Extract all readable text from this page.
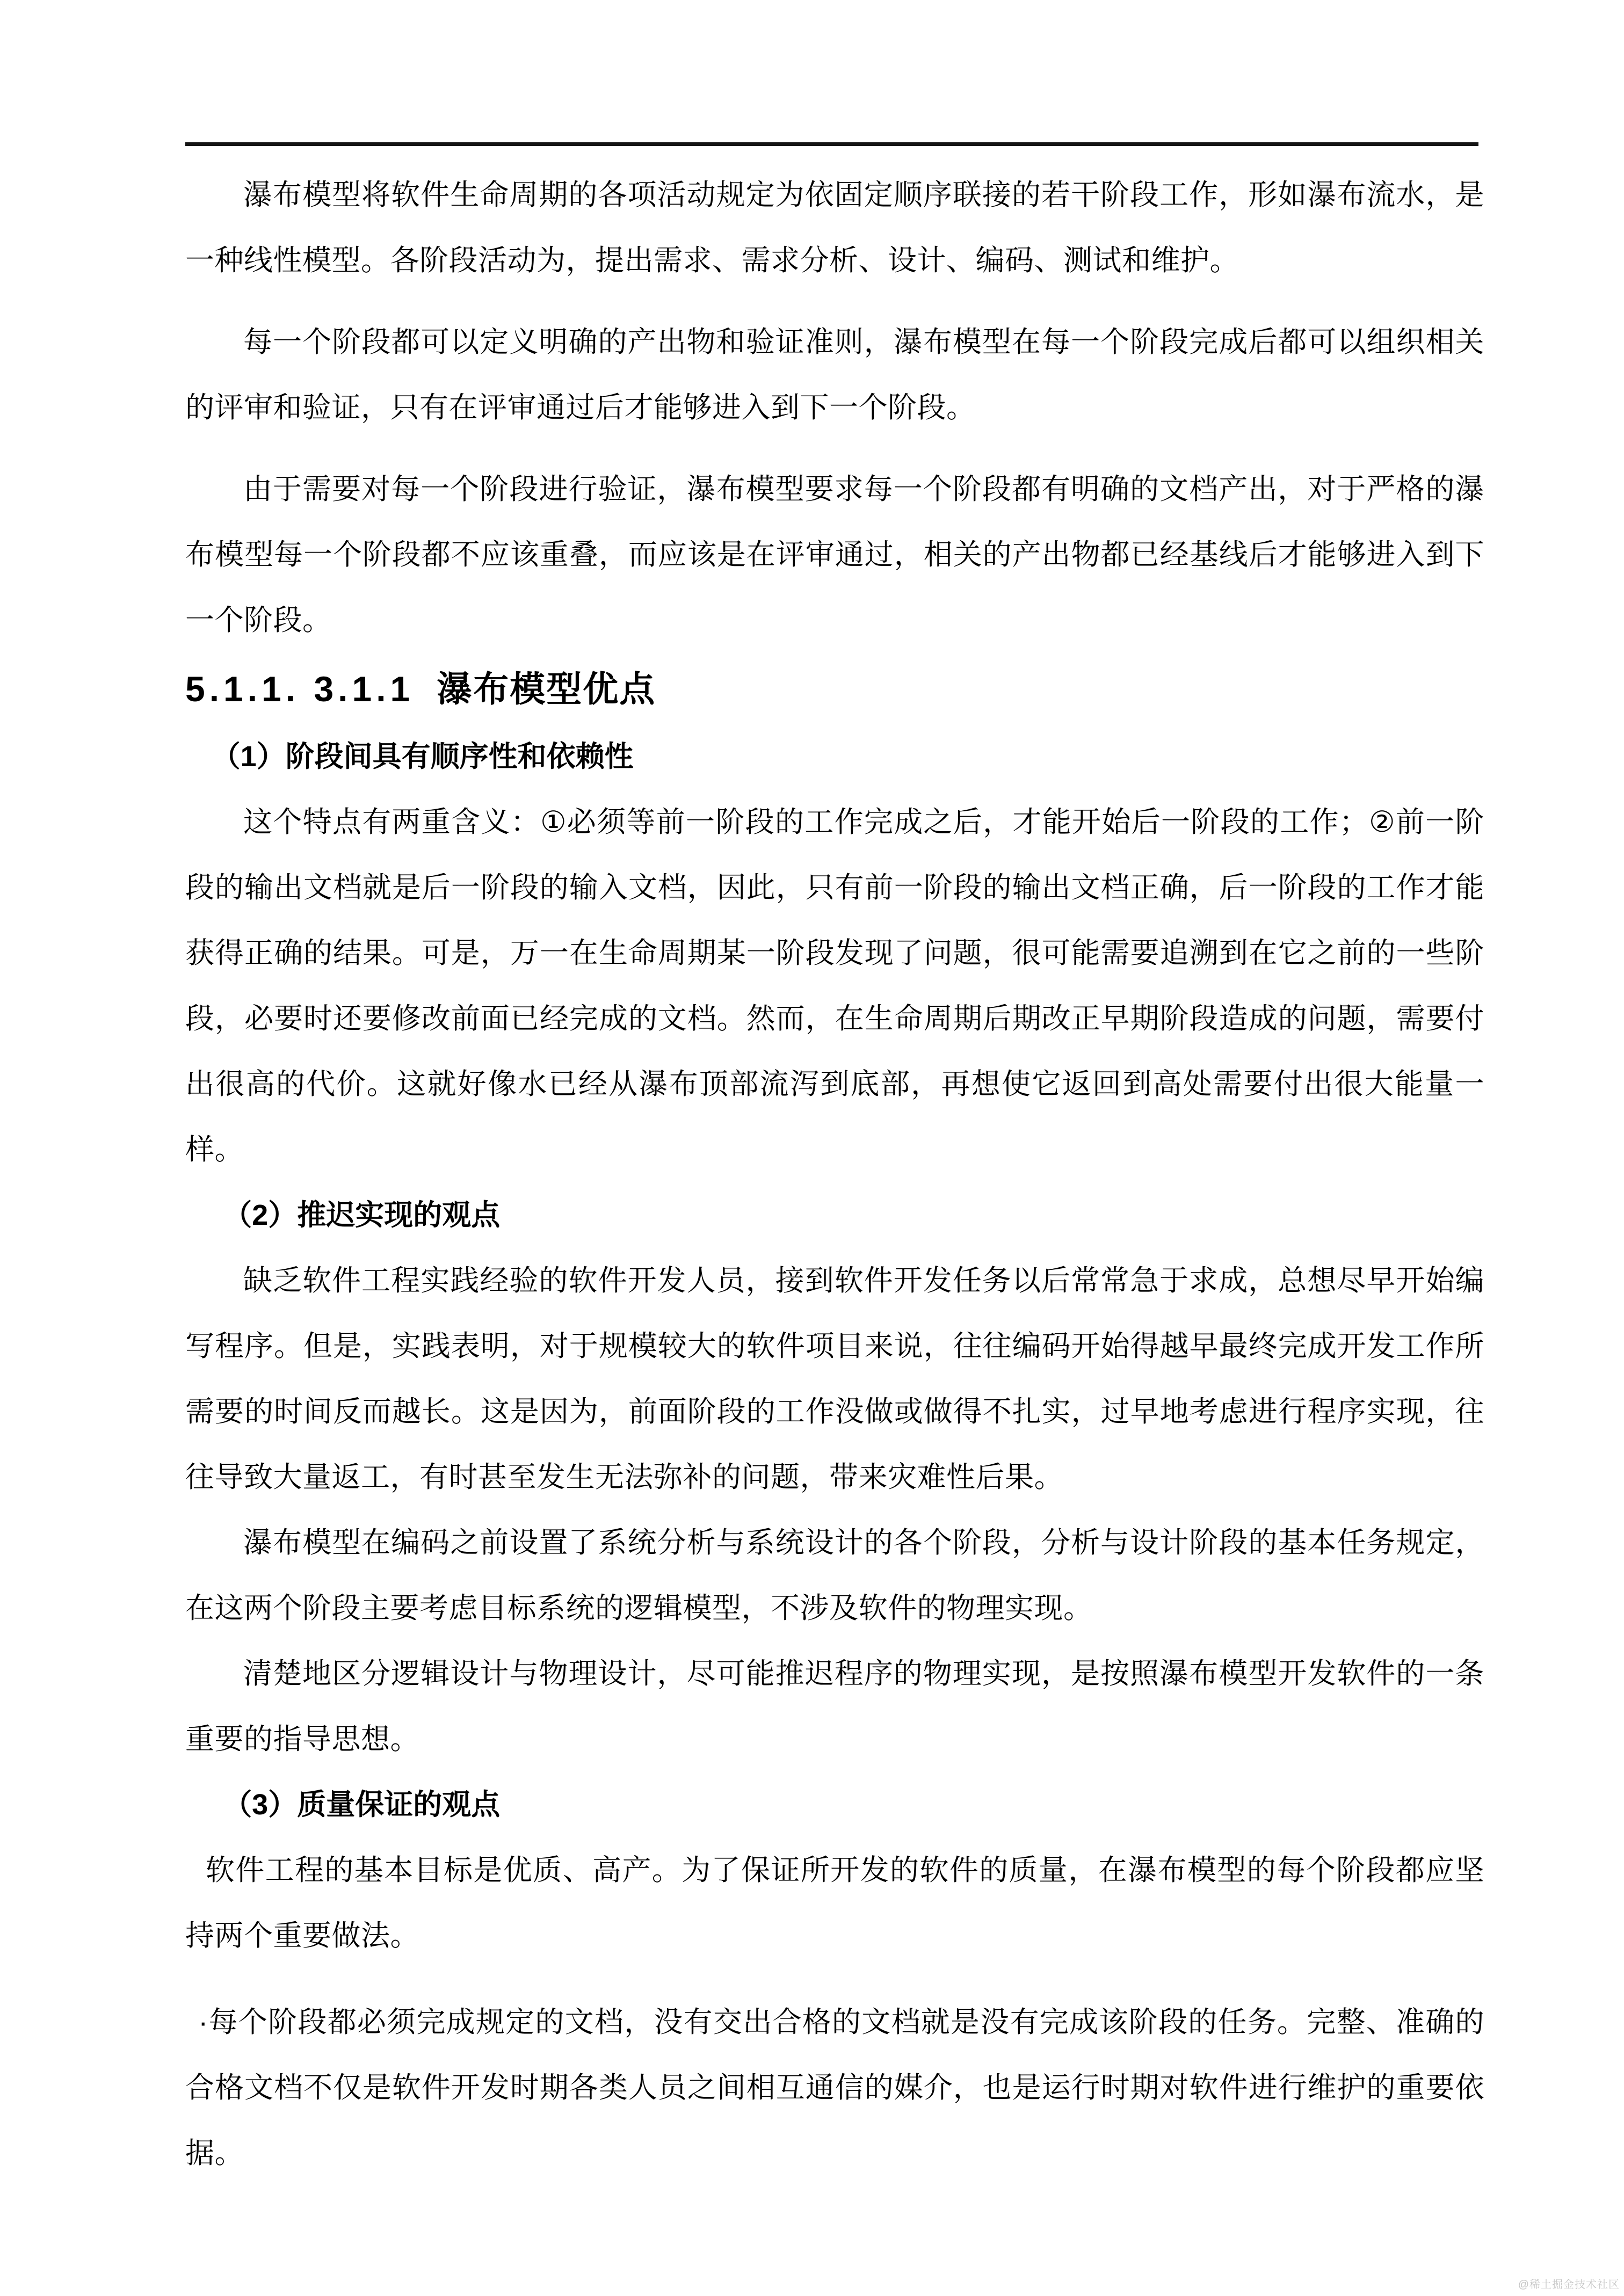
瀑布模型将软件生命周期的各项活动规定为依固定顺序联接的若干阶段工作，形如瀑布流水，是一种线性模型。各阶段活动为，提出需求、需求分析、设计、编码、测试和维护。

每一个阶段都可以定义明确的产出物和验证准则，瀑布模型在每一个阶段完成后都可以组织相关的评审和验证，只有在评审通过后才能够进入到下一个阶段。

由于需要对每一个阶段进行验证，瀑布模型要求每一个阶段都有明确的文档产出，对于严格的瀑布模型每一个阶段都不应该重叠，而应该是在评审通过，相关的产出物都已经基线后才能够进入到下一个阶段。

5.1.1. 3.1.1 瀑布模型优点

（1）阶段间具有顺序性和依赖性

这个特点有两重含义：①必须等前一阶段的工作完成之后，才能开始后一阶段的工作；②前一阶段的输出文档就是后一阶段的输入文档，因此，只有前一阶段的输出文档正确，后一阶段的工作才能获得正确的结果。可是，万一在生命周期某一阶段发现了问题，很可能需要追溯到在它之前的一些阶段，必要时还要修改前面已经完成的文档。然而，在生命周期后期改正早期阶段造成的问题，需要付出很高的代价。这就好像水已经从瀑布顶部流泻到底部，再想使它返回到高处需要付出很大能量一样。

（2）推迟实现的观点

缺乏软件工程实践经验的软件开发人员，接到软件开发任务以后常常急于求成，总想尽早开始编写程序。但是，实践表明，对于规模较大的软件项目来说，往往编码开始得越早最终完成开发工作所需要的时间反而越长。这是因为，前面阶段的工作没做或做得不扎实，过早地考虑进行程序实现，往往导致大量返工，有时甚至发生无法弥补的问题，带来灾难性后果。

瀑布模型在编码之前设置了系统分析与系统设计的各个阶段，分析与设计阶段的基本任务规定，在这两个阶段主要考虑目标系统的逻辑模型，不涉及软件的物理实现。

清楚地区分逻辑设计与物理设计，尽可能推迟程序的物理实现，是按照瀑布模型开发软件的一条重要的指导思想。

（3）质量保证的观点

软件工程的基本目标是优质、高产。为了保证所开发的软件的质量，在瀑布模型的每个阶段都应坚持两个重要做法。

·每个阶段都必须完成规定的文档，没有交出合格的文档就是没有完成该阶段的任务。完整、准确的合格文档不仅是软件开发时期各类人员之间相互通信的媒介，也是运行时期对软件进行维护的重要依据。

@稀土掘金技术社区
